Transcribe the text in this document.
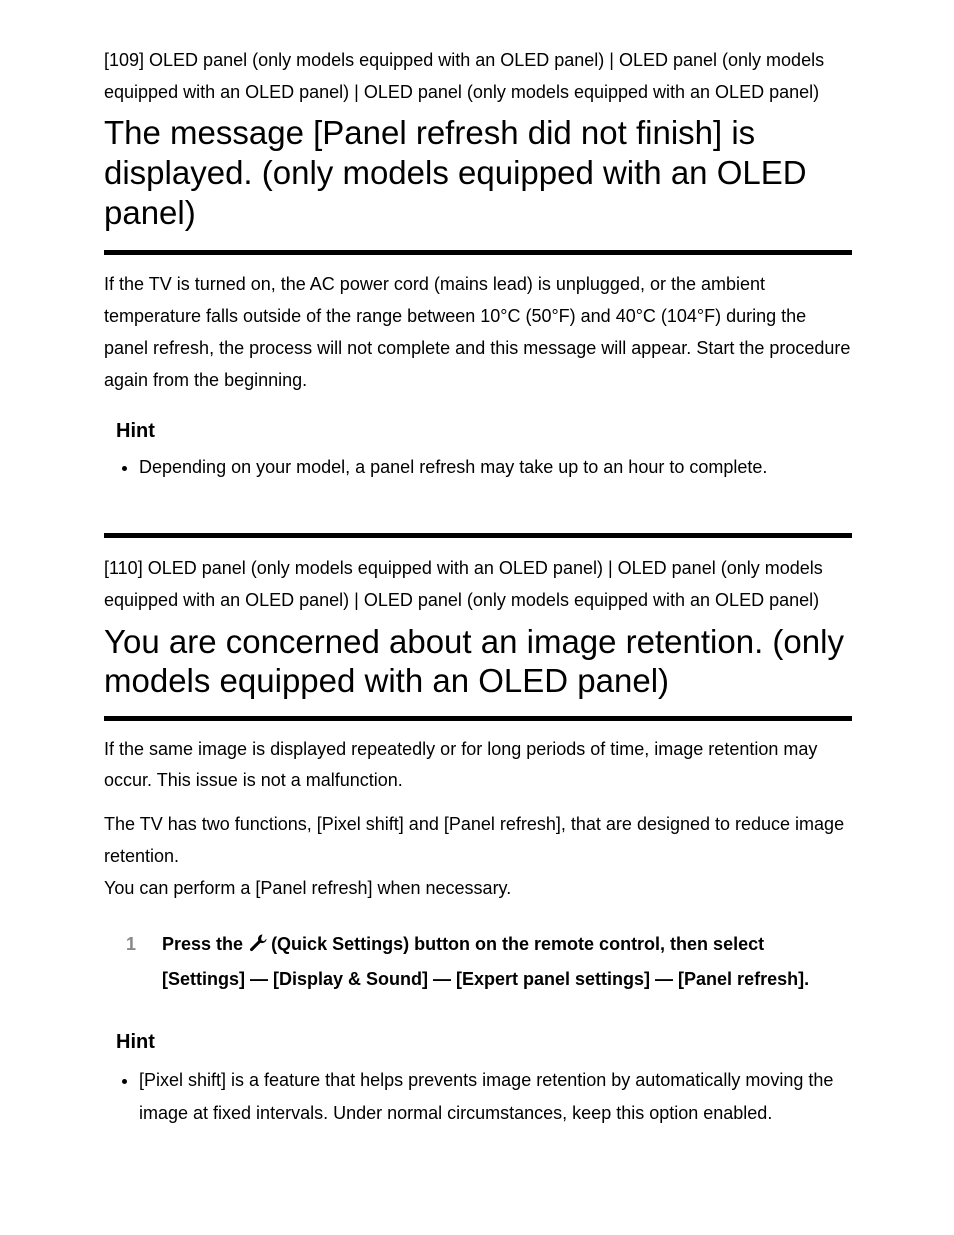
[109] OLED panel (only models equipped with an OLED panel) | OLED panel (only models equipped with an OLED panel) | OLED panel (only models equipped with an OLED panel)

The message [Panel refresh did not finish] is displayed. (only models equipped with an OLED panel)

If the TV is turned on, the AC power cord (mains lead) is unplugged, or the ambient temperature falls outside of the range between 10°C (50°F) and 40°C (104°F) during the panel refresh, the process will not complete and this message will appear. Start the procedure again from the beginning.

Hint

• Depending on your model, a panel refresh may take up to an hour to complete.

[110] OLED panel (only models equipped with an OLED panel) | OLED panel (only models equipped with an OLED panel) | OLED panel (only models equipped with an OLED panel)

You are concerned about an image retention. (only models equipped with an OLED panel)

If the same image is displayed repeatedly or for long periods of time, image retention may occur. This issue is not a malfunction.

The TV has two functions, [Pixel shift] and [Panel refresh], that are designed to reduce image retention.

You can perform a [Panel refresh] when necessary.

1	Press the (Quick Settings) button on the remote control, then select [Settings] — [Display & Sound] — [Expert panel settings] — [Panel refresh].

Hint

• [Pixel shift] is a feature that helps prevents image retention by automatically moving the image at fixed intervals. Under normal circumstances, keep this option enabled.
